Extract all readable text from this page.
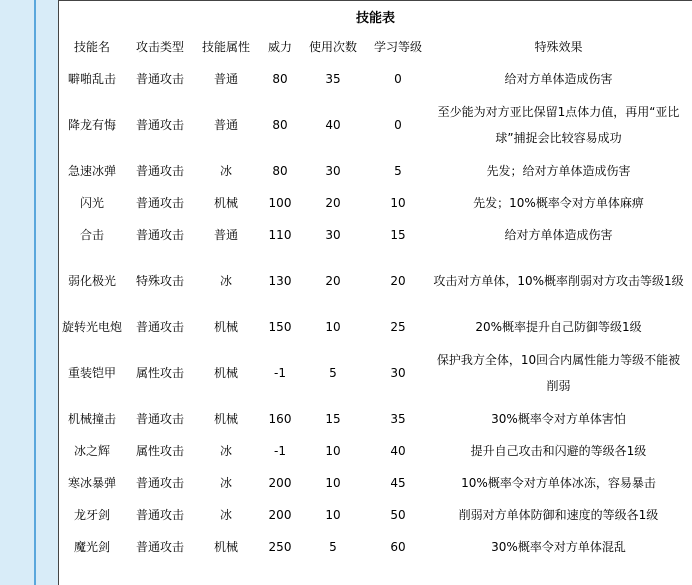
技能表
技能名	攻击类型	技能属性	威力	使用次数	学习等级	特殊效果
噼啪乱击	普通攻击	普通	80	35	0	给对方单体造成伤害
降龙有悔	普通攻击	普通	80	40	0	至少能为对方亚比保留1点体力值，再用“亚比球”捕捉会比较容易成功
急速冰弹	普通攻击	冰	80	30	5	先发；给对方单体造成伤害
闪光	普通攻击	机械	100	20	10	先发；10%概率令对方单体麻痹
合击	普通攻击	普通	110	30	15	给对方单体造成伤害
弱化极光	特殊攻击	冰	130	20	20	攻击对方单体，10%概率削弱对方攻击等级1级
旋转光电炮	普通攻击	机械	150	10	25	20%概率提升自己防御等级1级
重装铠甲	属性攻击	机械	-1	5	30	保护我方全体，10回合内属性能力等级不能被削弱
机械撞击	普通攻击	机械	160	15	35	30%概率令对方单体害怕
冰之辉	属性攻击	冰	-1	10	40	提升自己攻击和闪避的等级各1级
寒冰暴弹	普通攻击	冰	200	10	45	10%概率令对方单体冰冻，容易暴击
龙牙剑	普通攻击	冰	200	10	50	削弱对方单体防御和速度的等级各1级
魔光剑	普通攻击	机械	250	5	60	30%概率令对方单体混乱
